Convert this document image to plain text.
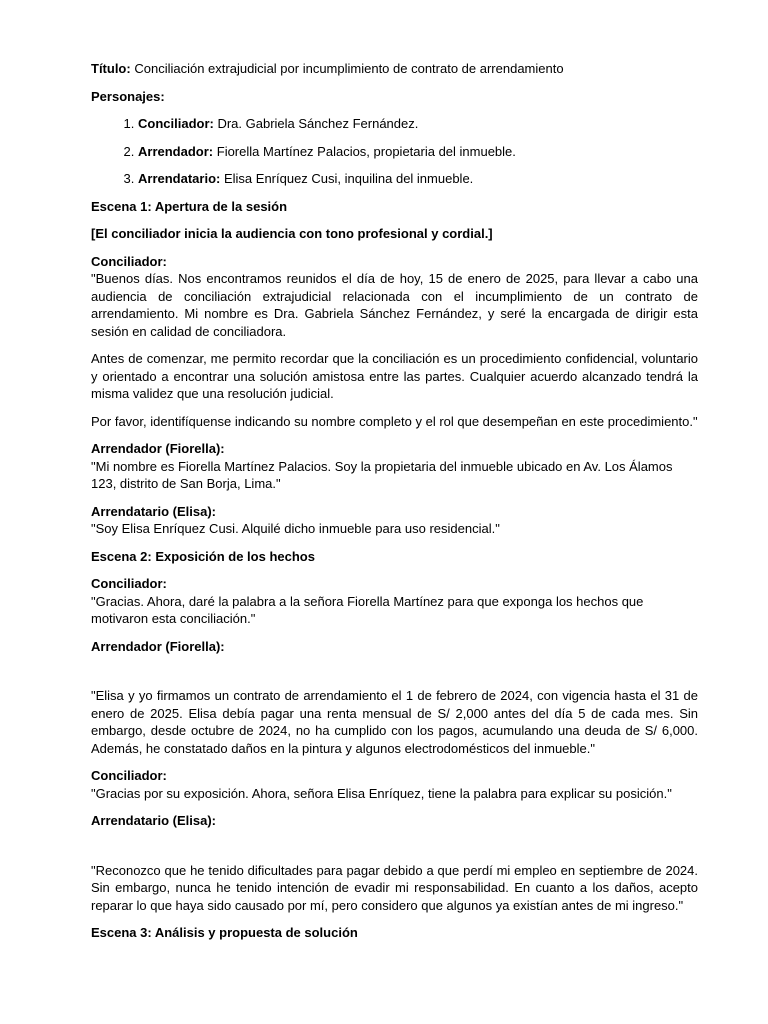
Título: Conciliación extrajudicial por incumplimiento de contrato de arrendamiento

Personajes:

1. Conciliador: Dra. Gabriela Sánchez Fernández.
2. Arrendador: Fiorella Martínez Palacios, propietaria del inmueble.
3. Arrendatario: Elisa Enríquez Cusi, inquilina del inmueble.

Escena 1: Apertura de la sesión

[El conciliador inicia la audiencia con tono profesional y cordial.]

Conciliador:
"Buenos días. Nos encontramos reunidos el día de hoy, 15 de enero de 2025, para llevar a cabo una audiencia de conciliación extrajudicial relacionada con el incumplimiento de un contrato de arrendamiento. Mi nombre es Dra. Gabriela Sánchez Fernández, y seré la encargada de dirigir esta sesión en calidad de conciliadora.

Antes de comenzar, me permito recordar que la conciliación es un procedimiento confidencial, voluntario y orientado a encontrar una solución amistosa entre las partes. Cualquier acuerdo alcanzado tendrá la misma validez que una resolución judicial.

Por favor, identifíquense indicando su nombre completo y el rol que desempeñan en este procedimiento."

Arrendador (Fiorella):
"Mi nombre es Fiorella Martínez Palacios. Soy la propietaria del inmueble ubicado en Av. Los Álamos 123, distrito de San Borja, Lima."

Arrendatario (Elisa):
"Soy Elisa Enríquez Cusi. Alquilé dicho inmueble para uso residencial."

Escena 2: Exposición de los hechos

Conciliador:
"Gracias. Ahora, daré la palabra a la señora Fiorella Martínez para que exponga los hechos que motivaron esta conciliación."

Arrendador (Fiorella):

"Elisa y yo firmamos un contrato de arrendamiento el 1 de febrero de 2024, con vigencia hasta el 31 de enero de 2025. Elisa debía pagar una renta mensual de S/ 2,000 antes del día 5 de cada mes. Sin embargo, desde octubre de 2024, no ha cumplido con los pagos, acumulando una deuda de S/ 6,000. Además, he constatado daños en la pintura y algunos electrodomésticos del inmueble."

Conciliador:
"Gracias por su exposición. Ahora, señora Elisa Enríquez, tiene la palabra para explicar su posición."

Arrendatario (Elisa):

"Reconozco que he tenido dificultades para pagar debido a que perdí mi empleo en septiembre de 2024. Sin embargo, nunca he tenido intención de evadir mi responsabilidad. En cuanto a los daños, acepto reparar lo que haya sido causado por mí, pero considero que algunos ya existían antes de mi ingreso."

Escena 3: Análisis y propuesta de solución
